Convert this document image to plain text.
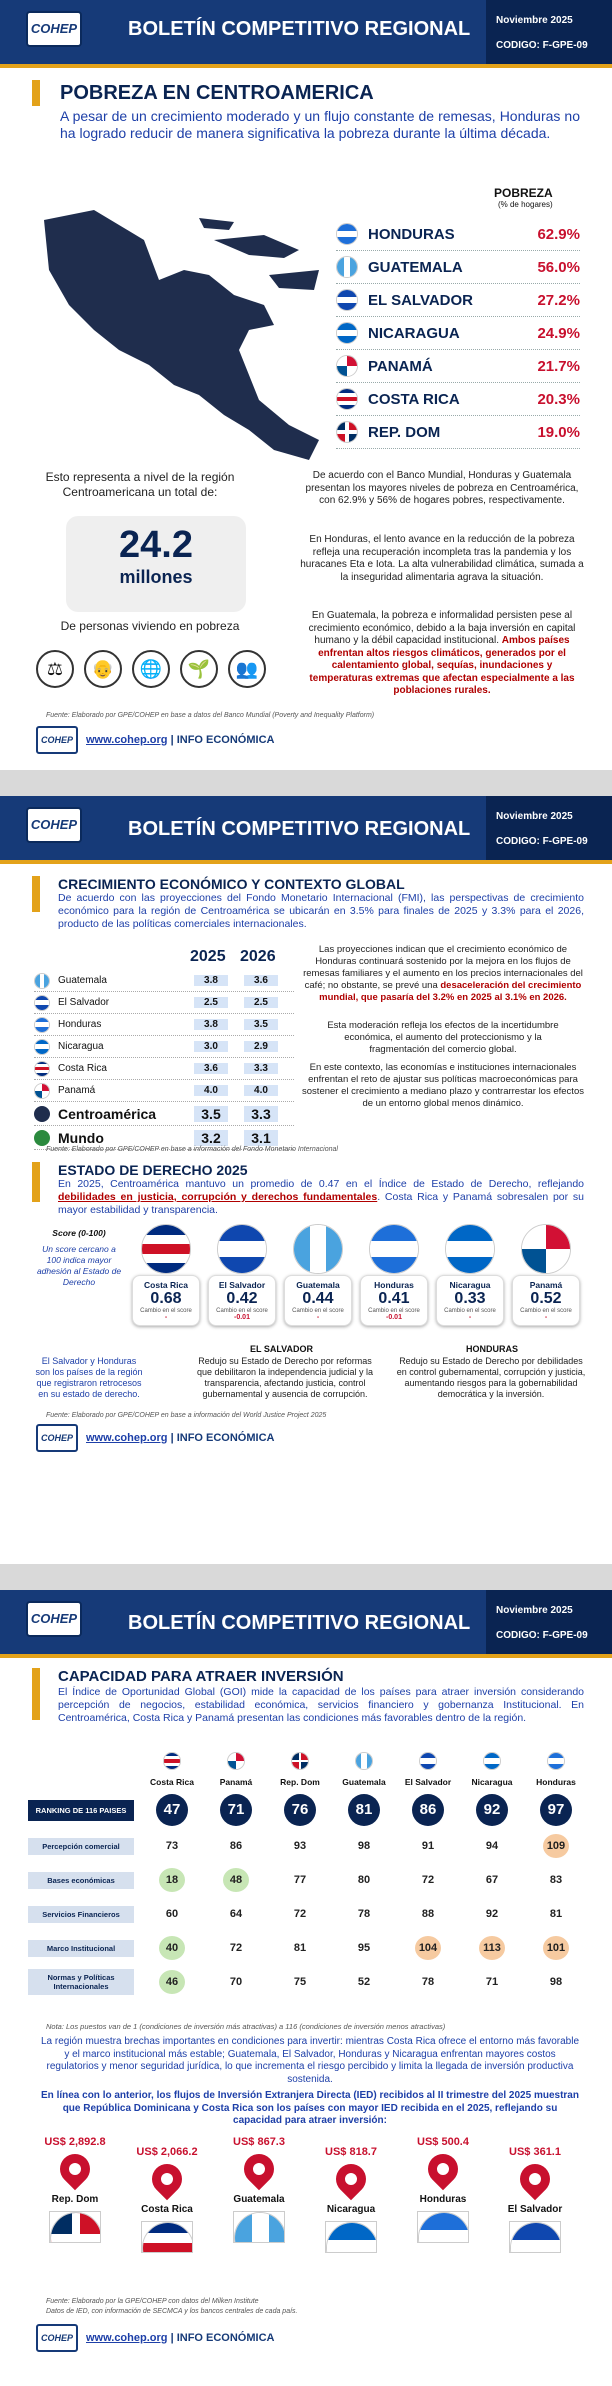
COHEP	BOLETÍN COMPETITIVO REGIONAL	Noviembre 2025
CODIGO: F-GPE-09
POBREZA EN CENTROAMERICA
A pesar de un crecimiento moderado y un flujo constante de remesas, Honduras no ha logrado reducir de manera significativa la pobreza durante la última década.
POBREZA
(% de hogares)
HONDURAS	62.9%
GUATEMALA	56.0%
EL SALVADOR	27.2%
NICARAGUA	24.9%
PANAMÁ	21.7%
COSTA RICA	20.3%
REP. DOM	19.0%
Esto representa a nivel de la región Centroamericana un total de:
24.2
millones
De personas viviendo en pobreza
⚖	👴	🌐	🌱	👥
De acuerdo con el Banco Mundial, Honduras y Guatemala presentan los mayores niveles de pobreza en Centroamérica, con 62.9% y 56% de hogares pobres, respectivamente.
En Honduras, el lento avance en la reducción de la pobreza refleja una recuperación incompleta tras la pandemia y los huracanes Eta e Iota. La alta vulnerabilidad climática, sumada a la inseguridad alimentaria agrava la situación.
En Guatemala, la pobreza e informalidad persisten pese al crecimiento económico, debido a la baja inversión en capital humano y la débil capacidad institucional. Ambos países enfrentan altos riesgos climáticos, generados por el calentamiento global, sequías, inundaciones y temperaturas extremas que afectan especialmente a las poblaciones rurales.
Fuente: Elaborado por GPE/COHEP en base a datos del Banco Mundial (Poverty and Inequality Platform)
COHEP	www.cohep.org | INFO ECONÓMICA
COHEP	BOLETÍN COMPETITIVO REGIONAL
Noviembre 2025
CODIGO: F-GPE-09
CRECIMIENTO ECONÓMICO Y CONTEXTO GLOBAL
De acuerdo con las proyecciones del Fondo Monetario Internacional (FMI), las perspectivas de crecimiento económico para la región de Centroamérica se ubicarán en 3.5% para finales de 2025 y 3.3% para el 2026, producto de las políticas comerciales internacionales.
2025 2026
Guatemala	3.8	3.6
El Salvador	2.5	2.5
Honduras	3.8	3.5
Nicaragua	3.0	2.9
Costa Rica	3.6	3.3
Panamá	4.0	4.0
Centroamérica	3.5	3.3
Mundo	3.2	3.1
Las proyecciones indican que el crecimiento económico de Honduras continuará sostenido por la mejora en los flujos de remesas familiares y el aumento en los precios internacionales del café; no obstante, se prevé una desaceleración del crecimiento mundial, que pasaría del 3.2% en 2025 al 3.1% en 2026.
Esta moderación refleja los efectos de la incertidumbre económica, el aumento del proteccionismo y la fragmentación del comercio global.
En este contexto, las economías e instituciones internacionales enfrentan el reto de ajustar sus políticas macroeconómicas para sostener el crecimiento a mediano plazo y contrarrestar los efectos de un entorno global menos dinámico.
Fuente: Elaborado por GPE/COHEP en base a información del Fondo Monetario Internacional
ESTADO DE DERECHO 2025
En 2025, Centroamérica mantuvo un promedio de 0.47 en el Índice de Estado de Derecho, reflejando debilidades en justicia, corrupción y derechos fundamentales. Costa Rica y Panamá sobresalen por su mayor estabilidad y transparencia.
Score (0-100)
Un score cercano a 100 indica mayor adhesión al Estado de Derecho	Costa Rica
0.68
Cambio en el score
-
El Salvador
0.42
Cambio en el score
-0.01
Guatemala
0.44
Cambio en el score
-
Honduras
0.41
Cambio en el score
-0.01
Nicaragua
0.33
Cambio en el score
-
Panamá
0.52
Cambio en el score
-
El Salvador y Honduras son los países de la región que registraron retrocesos en su estado de derecho.
EL SALVADOR
Redujo su Estado de Derecho por reformas que debilitaron la independencia judicial y la transparencia, afectando justicia, control gubernamental y ausencia de corrupción.
HONDURAS
Redujo su Estado de Derecho por debilidades en control gubernamental, corrupción y justicia, aumentando riesgos para la gobernabilidad democrática y la inversión.
Fuente: Elaborado por GPE/COHEP en base a información del World Justice Project 2025
COHEP	www.cohep.org | INFO ECONÓMICA
COHEP	BOLETÍN COMPETITIVO REGIONAL
Noviembre 2025
CODIGO: F-GPE-09
CAPACIDAD PARA ATRAER INVERSIÓN
El Índice de Oportunidad Global (GOI) mide la capacidad de los países para atraer inversión considerando percepción de negocios, estabilidad económica, servicios financiero y gobernanza Institucional. En Centroamérica, Costa Rica y Panamá presentan las condiciones más favorables dentro de la región.
Costa Rica	Panamá	Rep. Dom	Guatemala	El Salvador	Nicaragua	Honduras
RANKING DE 116 PAISES	47	71	76	81	86	92	97
Percepción comercial	73	86	93	98	91	94	109
Bases económicas	18	48	77	80	72	67	83
Servicios Financieros	60	64	72	78	88	92	81
Marco Institucional	40	72	81	95	104	113	101
Normas y Políticas Internacionales	46	70	75	52	78	71	98
Nota: Los puestos van de 1 (condiciones de inversión más atractivas) a 116 (condiciones de inversión menos atractivas)
La región muestra brechas importantes en condiciones para invertir: mientras Costa Rica ofrece el entorno más favorable y el marco institucional más estable; Guatemala, El Salvador, Honduras y Nicaragua enfrentan mayores costos regulatorios y menor seguridad jurídica, lo que incrementa el riesgo percibido y limita la llegada de inversión productiva sostenida.
En línea con lo anterior, los flujos de Inversión Extranjera Directa (IED) recibidos al II trimestre del 2025 muestran que República Dominicana y Costa Rica son los países con mayor IED recibida en el 2025, reflejando su capacidad para atraer inversión:
US$ 2,892.8
Rep. Dom
US$ 2,066.2
Costa Rica
US$ 867.3
Guatemala
US$ 818.7
Nicaragua
US$ 500.4
Honduras
US$ 361.1
El Salvador
Fuente: Elaborado por la GPE/COHEP con datos del Milken Institute
Datos de IED, con información de SECMCA y los bancos centrales de cada país.
COHEP	www.cohep.org | INFO ECONÓMICA
